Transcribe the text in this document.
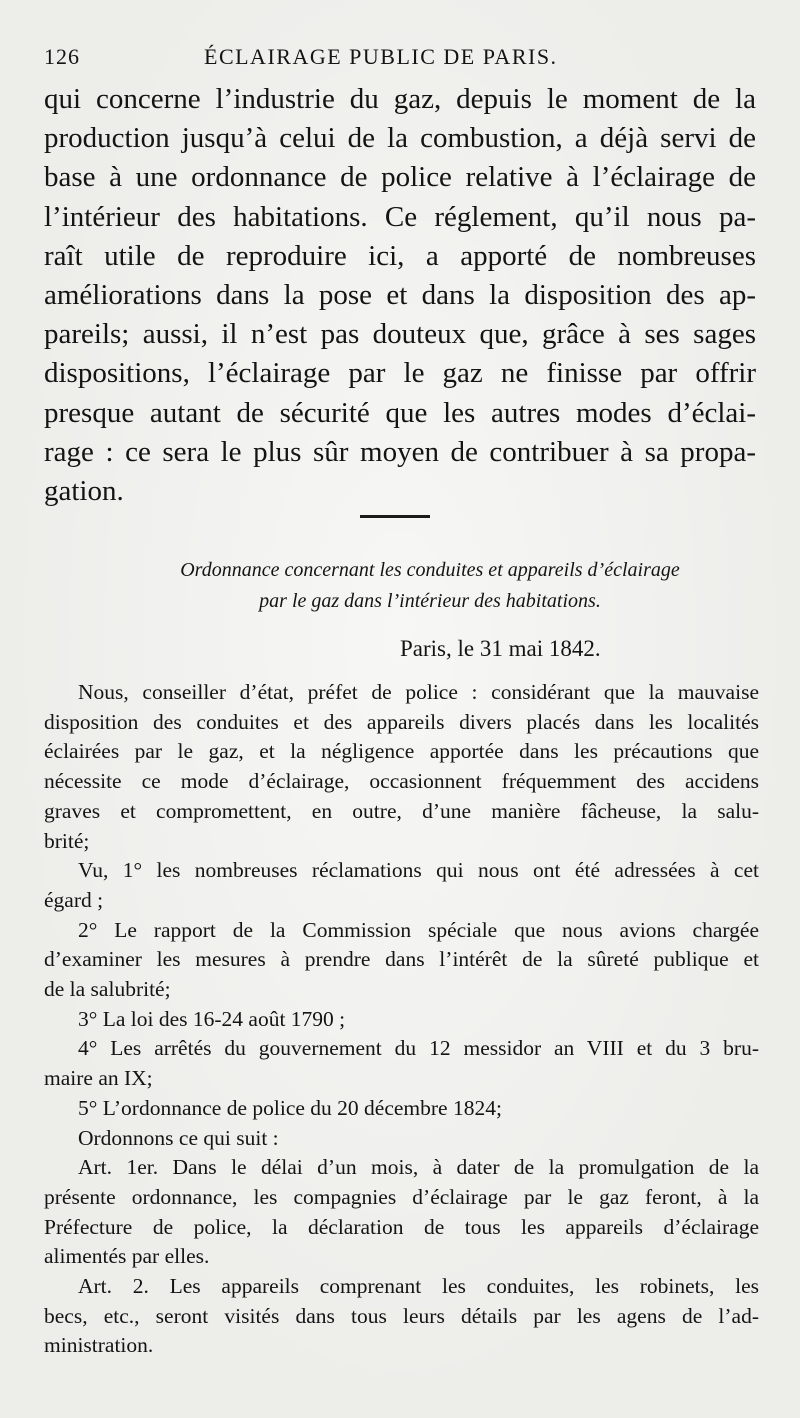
126	ÉCLAIRAGE PUBLIC DE PARIS.
qui concerne l’industrie du gaz, depuis le moment de la
production jusqu’à celui de la combustion, a déjà servi de
base à une ordonnance de police relative à l’éclairage de
l’intérieur des habitations. Ce réglement, qu’il nous pa-
raît utile de reproduire ici, a apporté de nombreuses
améliorations dans la pose et dans la disposition des ap-
pareils; aussi, il n’est pas douteux que, grâce à ses sages
dispositions, l’éclairage par le gaz ne finisse par offrir
presque autant de sécurité que les autres modes d’éclai-
rage : ce sera le plus sûr moyen de contribuer à sa propa-
gation.
Ordonnance concernant les conduites et appareils d’éclairage
par le gaz dans l’intérieur des habitations.
Paris, le 31 mai 1842.
Nous, conseiller d’état, préfet de police : considérant que la mauvaise
disposition des conduites et des appareils divers placés dans les localités
éclairées par le gaz, et la négligence apportée dans les précautions que
nécessite ce mode d’éclairage, occasionnent fréquemment des accidens
graves et compromettent, en outre, d’une manière fâcheuse, la salu-
brité;
Vu, 1° les nombreuses réclamations qui nous ont été adressées à cet
égard ;
2° Le rapport de la Commission spéciale que nous avions chargée
d’examiner les mesures à prendre dans l’intérêt de la sûreté publique et
de la salubrité;
3° La loi des 16-24 août 1790 ;
4° Les arrêtés du gouvernement du 12 messidor an VIII et du 3 bru-
maire an IX;
5° L’ordonnance de police du 20 décembre 1824;
Ordonnons ce qui suit :
Art. 1er. Dans le délai d’un mois, à dater de la promulgation de la
présente ordonnance, les compagnies d’éclairage par le gaz feront, à la
Préfecture de police, la déclaration de tous les appareils d’éclairage
alimentés par elles.
Art. 2. Les appareils comprenant les conduites, les robinets, les
becs, etc., seront visités dans tous leurs détails par les agens de l’ad-
ministration.
